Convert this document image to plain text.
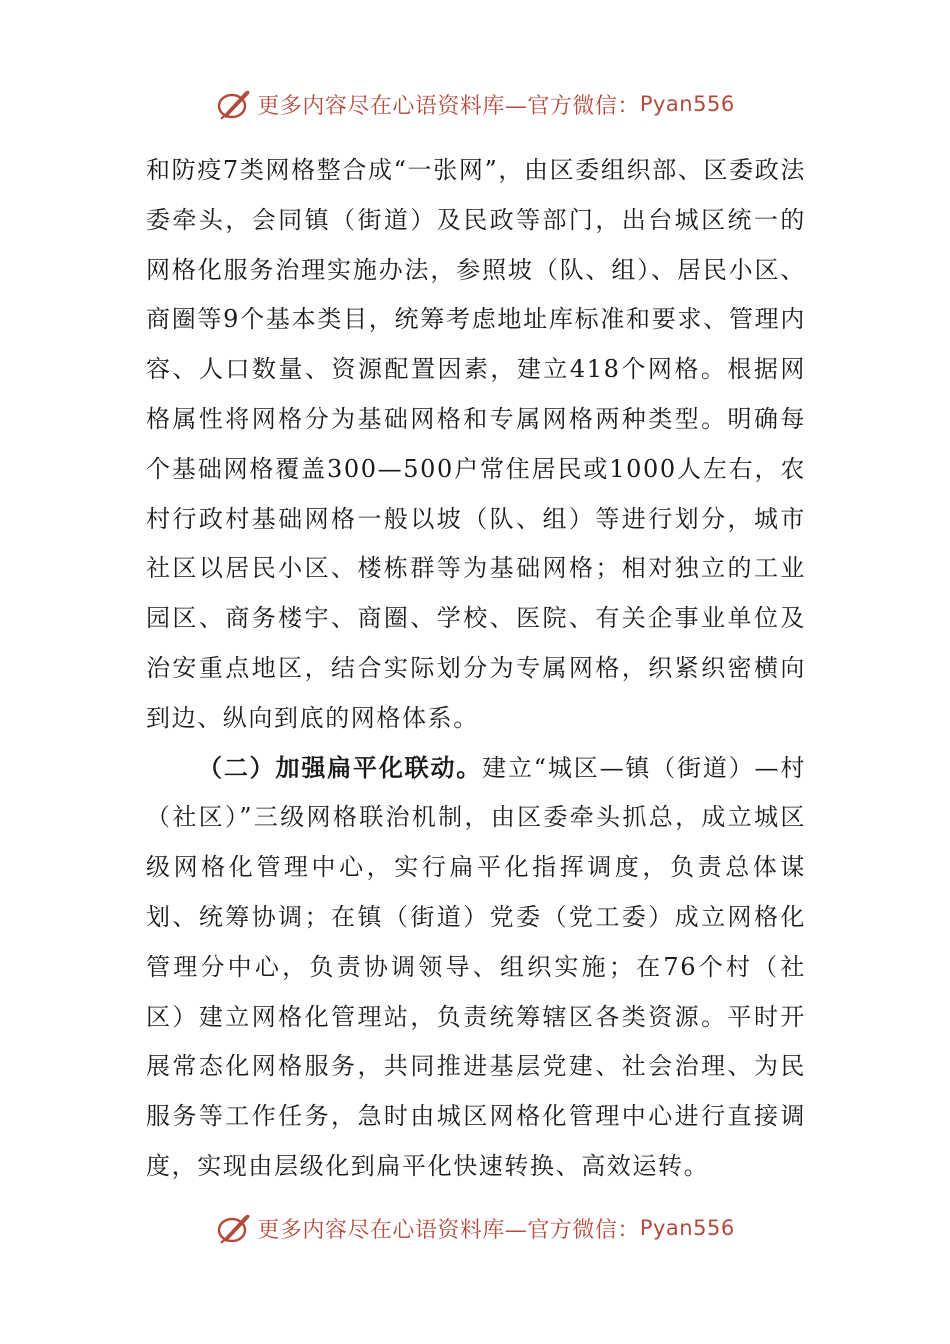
更多内容尽在心语资料库—官方微信： Pyan556

和防疫7类网格整合成“一张网”，由区委组织部、区委政法委牵头，会同镇（街道）及民政等部门，出台城区统一的网格化服务治理实施办法，参照坡（队、组）、居民小区、商圈等9个基本类目，统筹考虑地址库标准和要求、管理内容、人口数量、资源配置因素，建立418个网格。根据网格属性将网格分为基础网格和专属网格两种类型。明确每个基础网格覆盖300—500户常住居民或1000人左右，农村行政村基础网格一般以坡（队、组）等进行划分，城市社区以居民小区、楼栋群等为基础网格；相对独立的工业园区、商务楼宇、商圈、学校、医院、有关企事业单位及治安重点地区，结合实际划分为专属网格，织紧织密横向到边、纵向到底的网格体系。

（二）加强扁平化联动。建立“城区—镇（街道）—村（社区）”三级网格联治机制，由区委牵头抓总，成立城区级网格化管理中心，实行扁平化指挥调度，负责总体谋划、统筹协调；在镇（街道）党委（党工委）成立网格化管理分中心，负责协调领导、组织实施；在76个村（社区）建立网格化管理站，负责统筹辖区各类资源。平时开展常态化网格服务，共同推进基层党建、社会治理、为民服务等工作任务，急时由城区网格化管理中心进行直接调度，实现由层级化到扁平化快速转换、高效运转。

更多内容尽在心语资料库—官方微信： Pyan556
